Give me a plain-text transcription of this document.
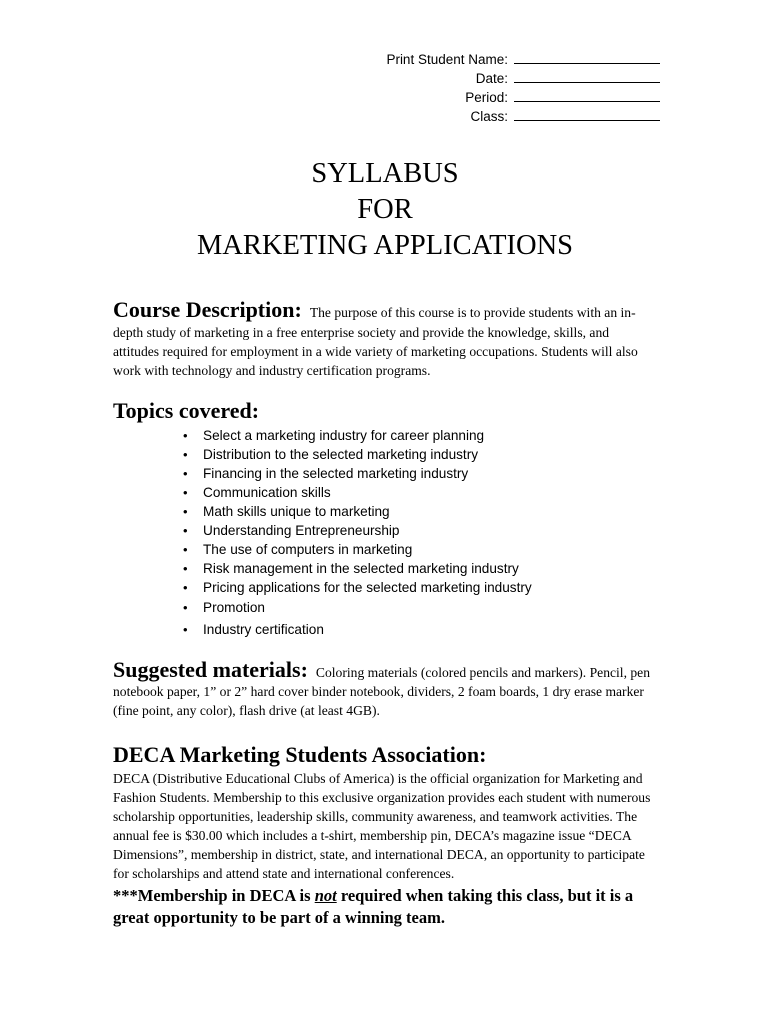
Print Student Name:
Date:
Period:
Class:
SYLLABUS
FOR
MARKETING APPLICATIONS
Course Description: The purpose of this course is to provide students with an in-depth study of marketing in a free enterprise society and provide the knowledge, skills, and attitudes required for employment in a wide variety of marketing occupations. Students will also work with technology and industry certification programs.

Topics covered:
•	Select a marketing industry for career planning
•	Distribution to the selected marketing industry
•	Financing in the selected marketing industry
•	Communication skills
•	Math skills unique to marketing
•	Understanding Entrepreneurship
•	The use of computers in marketing
•	Risk management in the selected marketing industry
•	Pricing applications for the selected marketing industry
•	Promotion
•	Industry certification
Suggested materials: Coloring materials (colored pencils and markers). Pencil, pen notebook paper, 1” or 2” hard cover binder notebook, dividers, 2 foam boards, 1 dry erase marker (fine point, any color), flash drive (at least 4GB).
DECA Marketing Students Association:
DECA (Distributive Educational Clubs of America) is the official organization for Marketing and Fashion Students. Membership to this exclusive organization provides each student with numerous scholarship opportunities, leadership skills, community awareness, and teamwork activities. The annual fee is $30.00 which includes a t-shirt, membership pin, DECA’s magazine issue “DECA Dimensions”, membership in district, state, and international DECA, an opportunity to participate for scholarships and attend state and international conferences.
***Membership in DECA is not required when taking this class, but it is a great opportunity to be part of a winning team.
